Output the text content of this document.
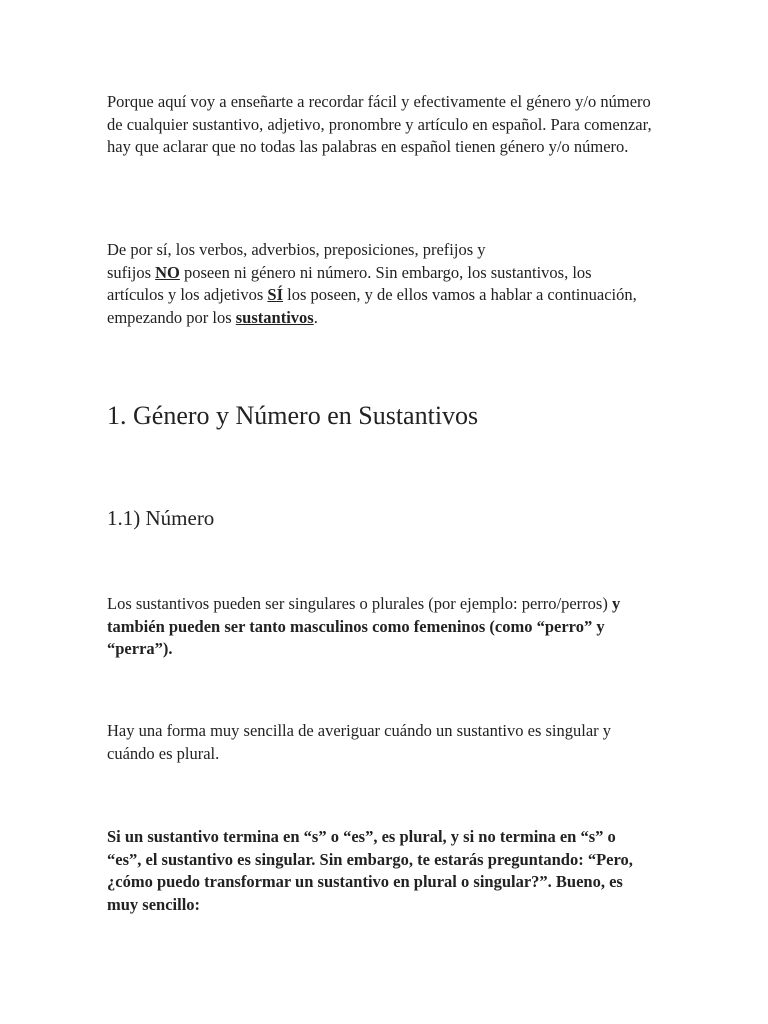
Porque aquí voy a enseñarte a recordar fácil y efectivamente el género y/o número de cualquier sustantivo, adjetivo, pronombre y artículo en español. Para comenzar, hay que aclarar que no todas las palabras en español tienen género y/o número.

De por sí, los verbos, adverbios, preposiciones, prefijos y
sufijos NO poseen ni género ni número. Sin embargo, los sustantivos, los artículos y los adjetivos SÍ los poseen, y de ellos vamos a hablar a continuación, empezando por los sustantivos.

1. Género y Número en Sustantivos
1.1) Número

Los sustantivos pueden ser singulares o plurales (por ejemplo: perro/perros) y también pueden ser tanto masculinos como femeninos (como “perro” y “perra”).

Hay una forma muy sencilla de averiguar cuándo un sustantivo es singular y cuándo es plural.

Si un sustantivo termina en “s” o “es”, es plural, y si no termina en “s” o “es”, el sustantivo es singular. Sin embargo, te estarás preguntando: “Pero, ¿cómo puedo transformar un sustantivo en plural o singular?”. Bueno, es muy sencillo:
